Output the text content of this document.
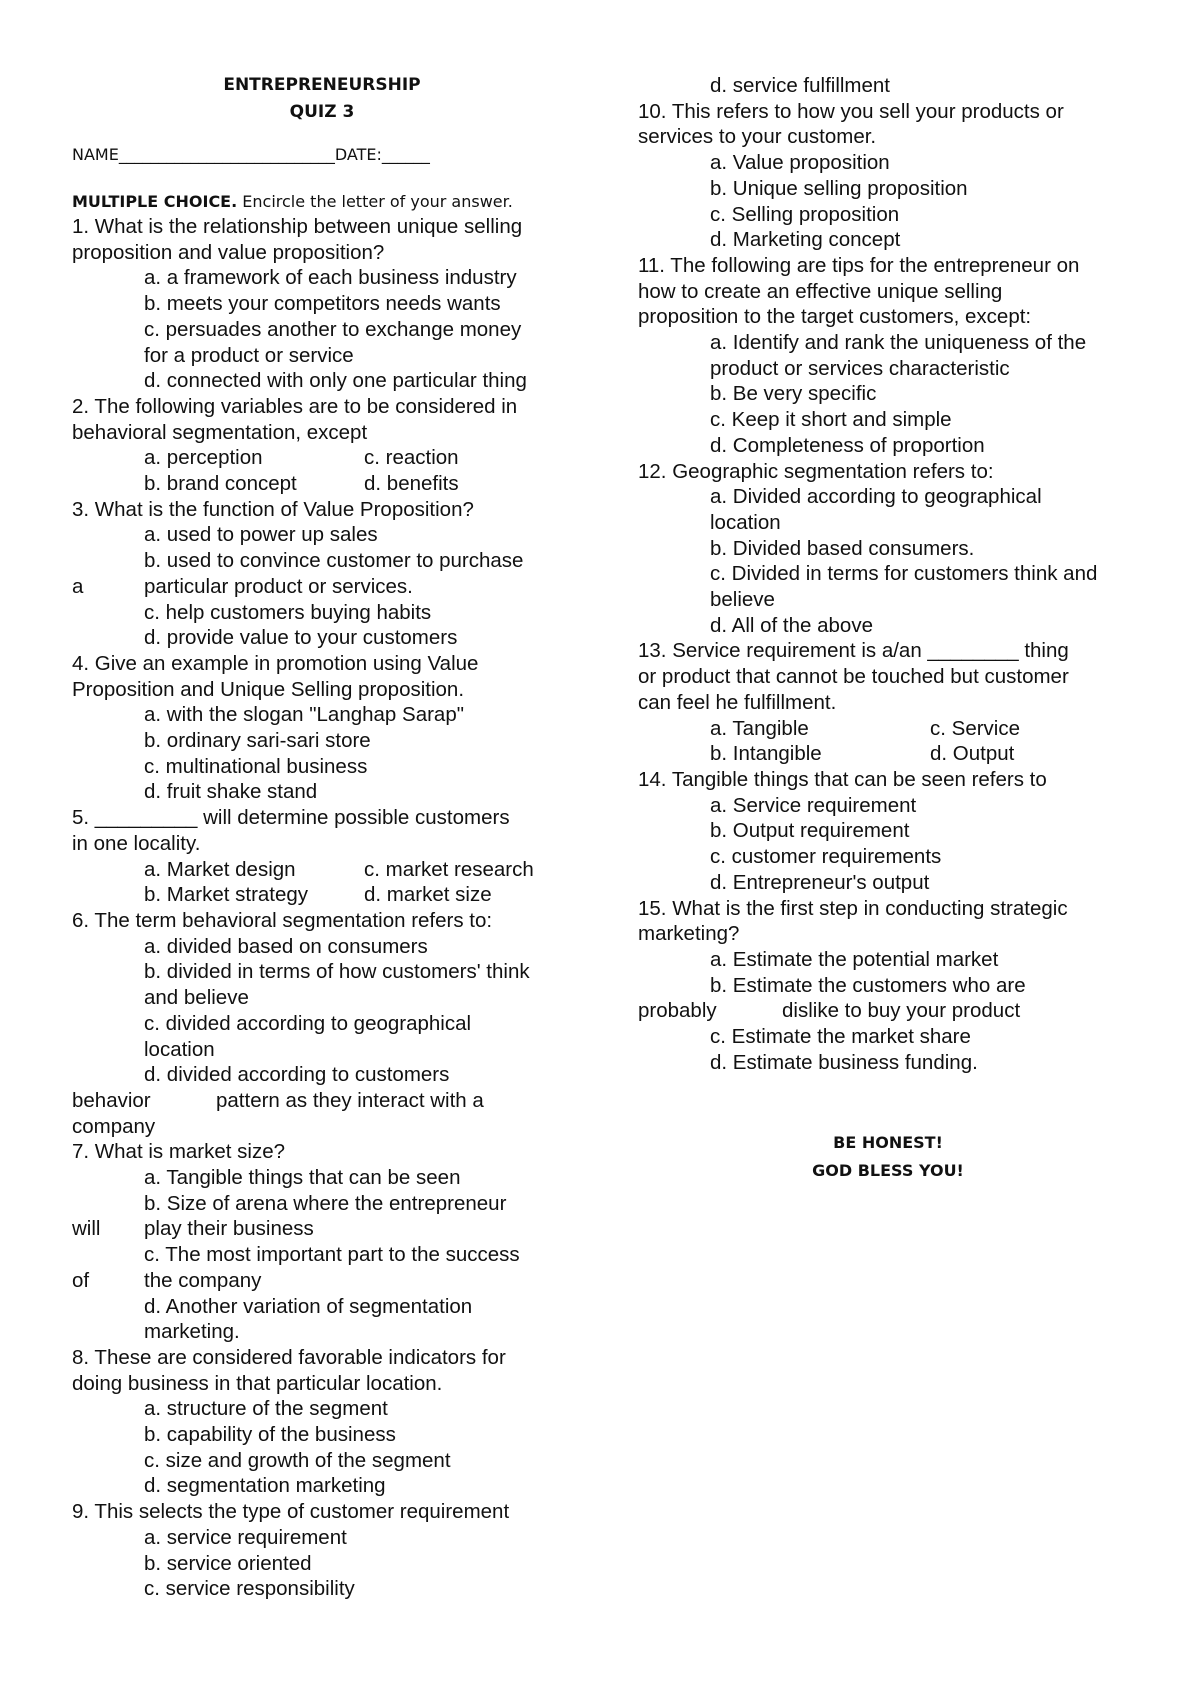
ENTREPRENEURSHIP
QUIZ 3
NAME___________________________DATE:______
MULTIPLE CHOICE. Encircle the letter of your answer.
1. What is the relationship between unique selling
proposition and value proposition?
a. a framework of each business industry
b. meets your competitors needs wants
c. persuades another to exchange money
for a product or service
d. connected with only one particular thing
2. The following variables are to be considered in
behavioral segmentation, except
a. perception	c. reaction
b. brand concept	d. benefits
3. What is the function of Value Proposition?
a. used to power up sales
b. used to convince customer to purchase
a	particular product or services.
c. help customers buying habits
d. provide value to your customers
4. Give an example in promotion using Value
Proposition and Unique Selling proposition.
a. with the slogan "Langhap Sarap"
b. ordinary sari-sari store
c. multinational business
d. fruit shake stand
5. _________ will determine possible customers
in one locality.
a. Market design	c. market research
b. Market strategy	d. market size
6. The term behavioral segmentation refers to:
a. divided based on consumers
b. divided in terms of how customers' think
and believe
c. divided according to geographical
location
d. divided according to customers
behavior	pattern as they interact with a
company
7. What is market size?
a. Tangible things that can be seen
b. Size of arena where the entrepreneur
will	play their business
c. The most important part to the success
of	the company
d. Another variation of segmentation
marketing.
8. These are considered favorable indicators for
doing business in that particular location.
a. structure of the segment
b. capability of the business
c. size and growth of the segment
d. segmentation marketing
9. This selects the type of customer requirement
a. service requirement
b. service oriented
c. service responsibility
d. service fulfillment
10. This refers to how you sell your products or
services to your customer.
a. Value proposition
b. Unique selling proposition
c. Selling proposition
d. Marketing concept
11. The following are tips for the entrepreneur on
how to create an effective unique selling
proposition to the target customers, except:
a. Identify and rank the uniqueness of the
product or services characteristic
b. Be very specific
c. Keep it short and simple
d. Completeness of proportion
12. Geographic segmentation refers to:
a. Divided according to geographical
location
b. Divided based consumers.
c. Divided in terms for customers think and
believe
d. All of the above
13. Service requirement is a/an ________ thing
or product that cannot be touched but customer
can feel he fulfillment.
a. Tangible	c. Service
b. Intangible	d. Output
14. Tangible things that can be seen refers to
a. Service requirement
b. Output requirement
c. customer requirements
d. Entrepreneur's output
15. What is the first step in conducting strategic
marketing?
a. Estimate the potential market
b. Estimate the customers who are
probably	dislike to buy your product
c. Estimate the market share
d. Estimate business funding.
BE HONEST!
GOD BLESS YOU!
